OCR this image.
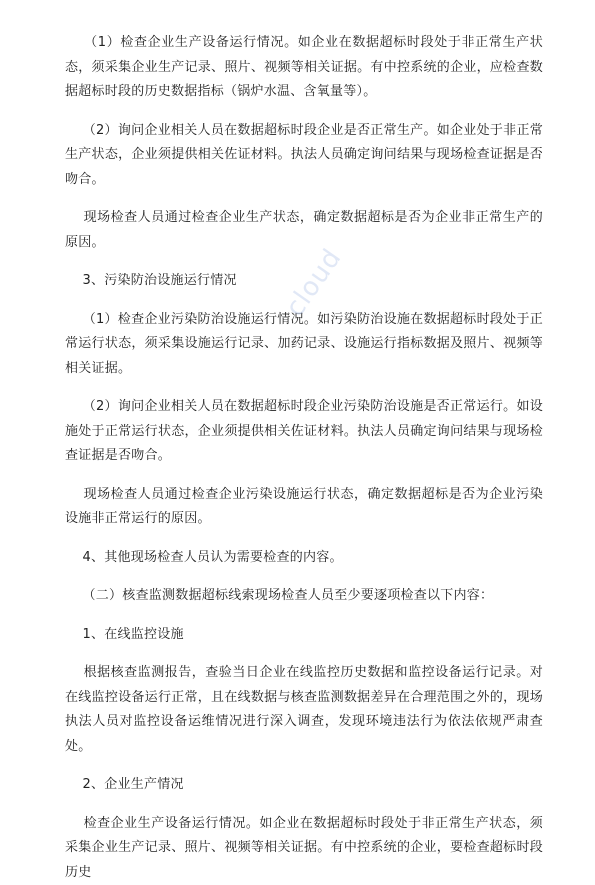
（1）检查企业生产设备运行情况。如企业在数据超标时段处于非正常生产状态，须采集企业生产记录、照片、视频等相关证据。有中控系统的企业，应检查数据超标时段的历史数据指标（锅炉水温、含氧量等）。

（2）询问企业相关人员在数据超标时段企业是否正常生产。如企业处于非正常生产状态，企业须提供相关佐证材料。执法人员确定询问结果与现场检查证据是否吻合。

现场检查人员通过检查企业生产状态，确定数据超标是否为企业非正常生产的原因。

3、污染防治设施运行情况

（1）检查企业污染防治设施运行情况。如污染防治设施在数据超标时段处于正常运行状态，须采集设施运行记录、加药记录、设施运行指标数据及照片、视频等相关证据。

（2）询问企业相关人员在数据超标时段企业污染防治设施是否正常运行。如设施处于正常运行状态，企业须提供相关佐证材料。执法人员确定询问结果与现场检查证据是否吻合。

现场检查人员通过检查企业污染设施运行状态，确定数据超标是否为企业污染设施非正常运行的原因。

4、其他现场检查人员认为需要检查的内容。

（二）核查监测数据超标线索现场检查人员至少要逐项检查以下内容：

1、在线监控设施

根据核查监测报告，查验当日企业在线监控历史数据和监控设备运行记录。对在线监控设备运行正常，且在线数据与核查监测数据差异在合理范围之外的，现场执法人员对监控设备运维情况进行深入调查，发现环境违法行为依法依规严肃查处。

2、企业生产情况

检查企业生产设备运行情况。如企业在数据超标时段处于非正常生产状态，须采集企业生产记录、照片、视频等相关证据。有中控系统的企业，要检查超标时段历史

cloud
